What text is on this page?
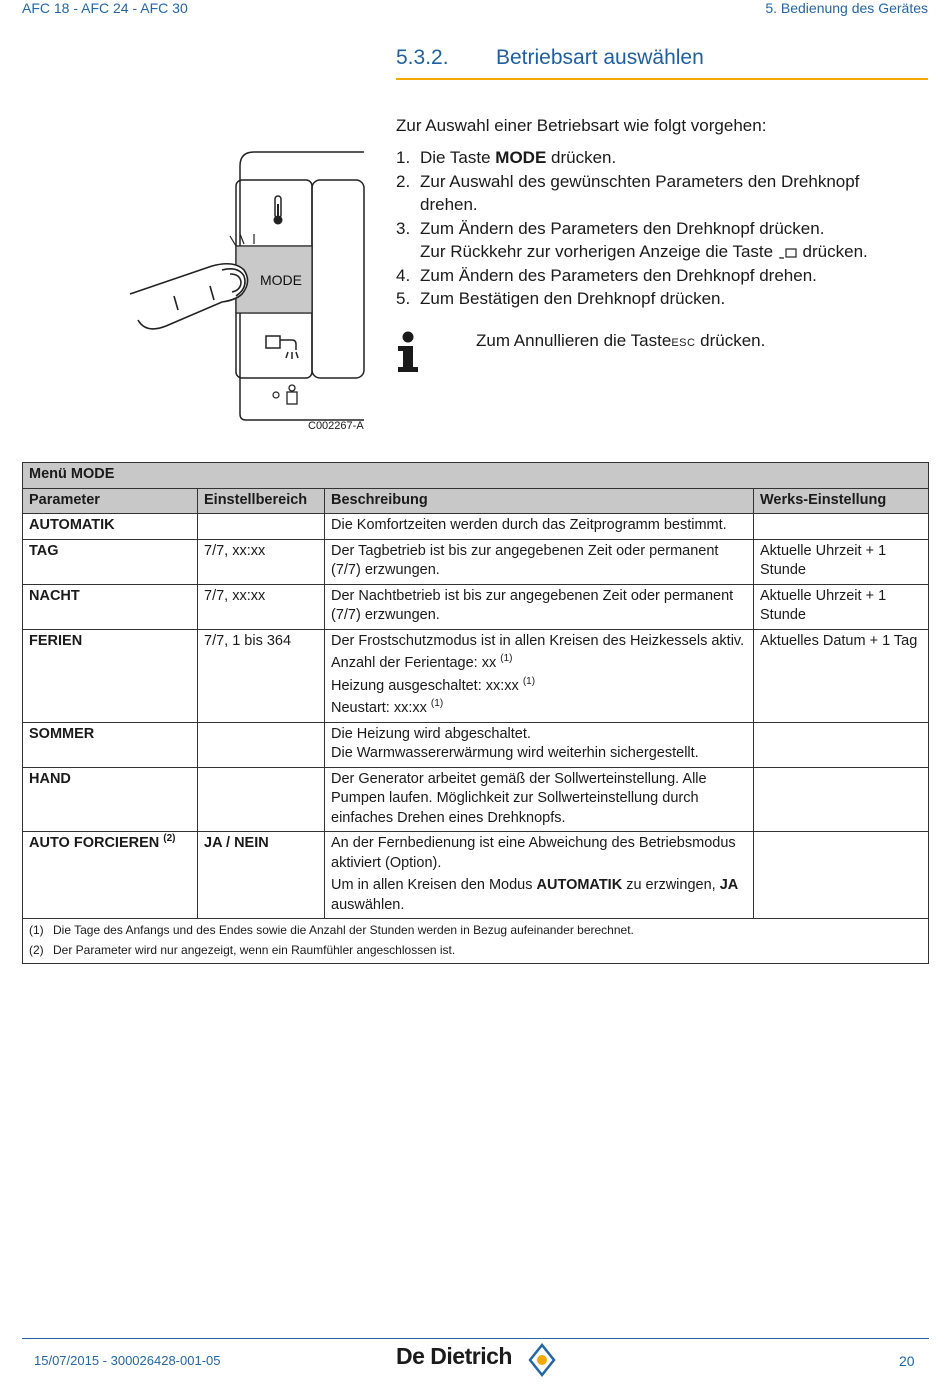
AFC 18 - AFC 24 - AFC 30	5. Bedienung des Gerätes
5.3.2. Betriebsart auswählen
MODE
C002267-A
Zur Auswahl einer Betriebsart wie folgt vorgehen:
1. Die Taste MODE drücken.
2. Zur Auswahl des gewünschten Parameters den Drehknopf drehen.
3. Zum Ändern des Parameters den Drehknopf drücken.
Zur Rückkehr zur vorherigen Anzeige die Taste  drücken.
4. Zum Ändern des Parameters den Drehknopf drehen.
5. Zum Bestätigen den Drehknopf drücken.
Zum Annullieren die TasteESC drücken.
Menü MODE			
Parameter	Einstellbereich	Beschreibung	Werks-Einstellung
AUTOMATIK		Die Komfortzeiten werden durch das Zeitprogramm bestimmt.	
TAG	7/7, xx:xx	Der Tagbetrieb ist bis zur angegebenen Zeit oder permanent (7/7) erzwungen.	Aktuelle Uhrzeit + 1 Stunde
NACHT	7/7, xx:xx	Der Nachtbetrieb ist bis zur angegebenen Zeit oder permanent (7/7) erzwungen.	Aktuelle Uhrzeit + 1 Stunde
FERIEN	7/7, 1 bis 364	Der Frostschutzmodus ist in allen Kreisen des Heizkessels aktiv.
Anzahl der Ferientage: xx $^{(1)}$
Heizung ausgeschaltet: xx:xx $^{(1)}$
Neustart: xx:xx $^{(1)}$	Aktuelles Datum + 1 Tag
SOMMER		Die Heizung wird abgeschaltet.
Die Warmwassererwärmung wird weiterhin sichergestellt.	
HAND		Der Generator arbeitet gemäß der Sollwerteinstellung. Alle Pumpen laufen. Möglichkeit zur Sollwerteinstellung durch einfaches Drehen eines Drehknopfs.	
AUTO FORCIEREN $^{(2)}$	JA / NEIN	An der Fernbedienung ist eine Abweichung des Betriebsmodus aktiviert (Option).
Um in allen Kreisen den Modus AUTOMATIK zu erzwingen, JA auswählen.	

(1) Die Tage des Anfangs und des Endes sowie die Anzahl der Stunden werden in Bezug aufeinander berechnet.
(2) Der Parameter wird nur angezeigt, wenn ein Raumfühler angeschlossen ist.			
15/07/2015 - 300026428-001-05	De Dietrich	20
